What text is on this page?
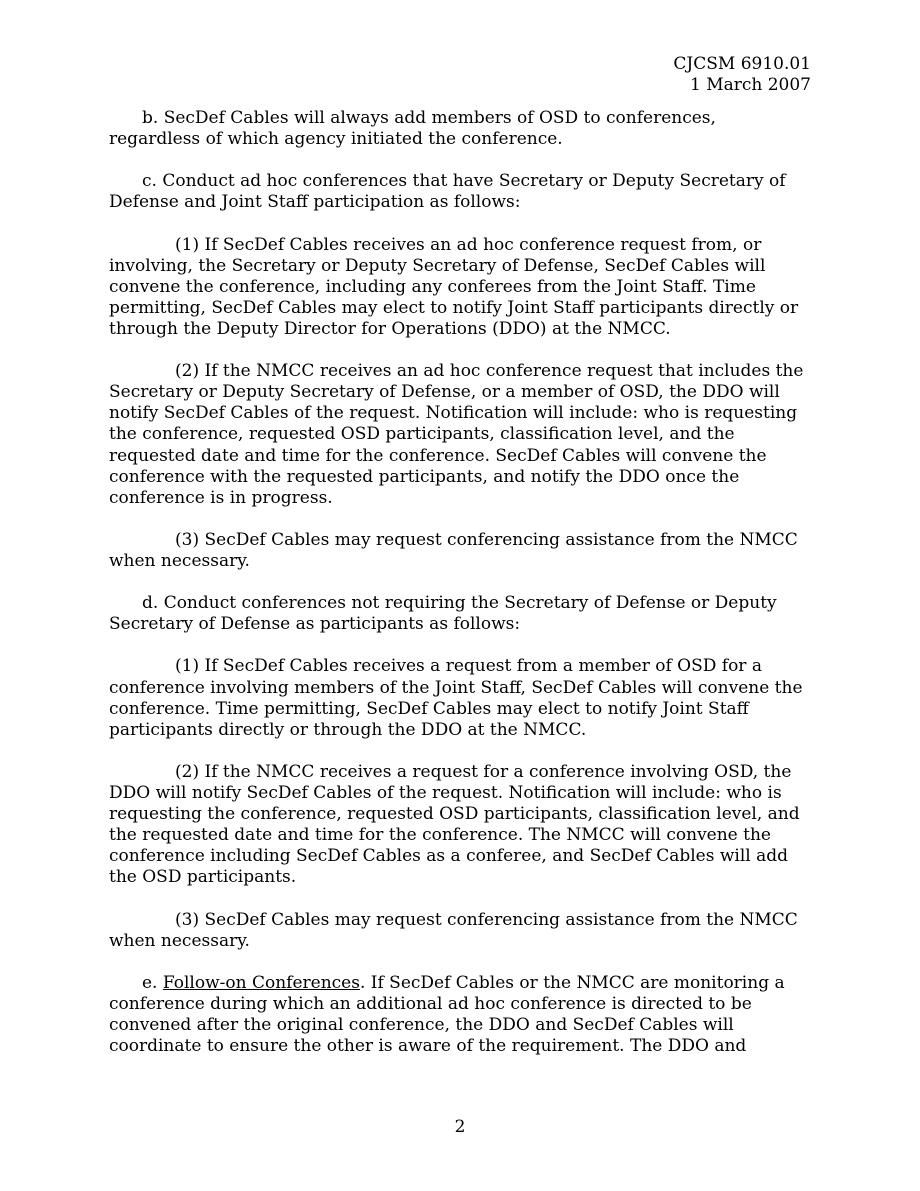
CJCSM 6910.01
1 March 2007

b. SecDef Cables will always add members of OSD to conferences, regardless of which agency initiated the conference.

c. Conduct ad hoc conferences that have Secretary or Deputy Secretary of Defense and Joint Staff participation as follows:

(1) If SecDef Cables receives an ad hoc conference request from, or involving, the Secretary or Deputy Secretary of Defense, SecDef Cables will convene the conference, including any conferees from the Joint Staff. Time permitting, SecDef Cables may elect to notify Joint Staff participants directly or through the Deputy Director for Operations (DDO) at the NMCC.

(2) If the NMCC receives an ad hoc conference request that includes the Secretary or Deputy Secretary of Defense, or a member of OSD, the DDO will notify SecDef Cables of the request. Notification will include: who is requesting the conference, requested OSD participants, classification level, and the requested date and time for the conference. SecDef Cables will convene the conference with the requested participants, and notify the DDO once the conference is in progress.

(3) SecDef Cables may request conferencing assistance from the NMCC when necessary.

d. Conduct conferences not requiring the Secretary of Defense or Deputy Secretary of Defense as participants as follows:

(1) If SecDef Cables receives a request from a member of OSD for a conference involving members of the Joint Staff, SecDef Cables will convene the conference. Time permitting, SecDef Cables may elect to notify Joint Staff participants directly or through the DDO at the NMCC.

(2) If the NMCC receives a request for a conference involving OSD, the DDO will notify SecDef Cables of the request. Notification will include: who is requesting the conference, requested OSD participants, classification level, and the requested date and time for the conference. The NMCC will convene the conference including SecDef Cables as a conferee, and SecDef Cables will add the OSD participants.

(3) SecDef Cables may request conferencing assistance from the NMCC when necessary.

e. Follow-on Conferences. If SecDef Cables or the NMCC are monitoring a conference during which an additional ad hoc conference is directed to be convened after the original conference, the DDO and SecDef Cables will coordinate to ensure the other is aware of the requirement. The DDO and

2
